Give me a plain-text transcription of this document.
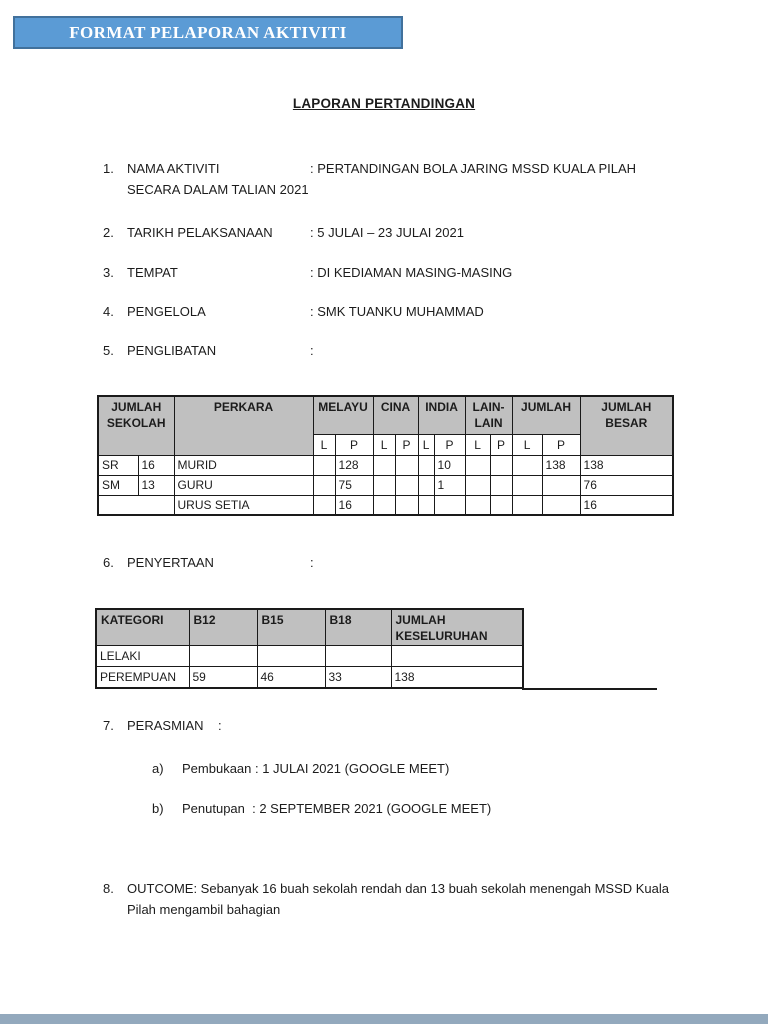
FORMAT PELAPORAN AKTIVITI
LAPORAN PERTANDINGAN
1. NAMA AKTIVITI	: PERTANDINGAN BOLA JARING MSSD KUALA PILAH
SECARA DALAM TALIAN 2021
2. TARIKH PELAKSANAAN	: 5 JULAI – 23 JULAI 2021
3. TEMPAT	: DI KEDIAMAN MASING-MASING
4. PENGELOLA	: SMK TUANKU MUHAMMAD
5. PENGLIBATAN	:
JUMLAH SEKOLAH		PERKARA	MELAYU		CINA		INDIA		LAIN-LAIN		JUMLAH		JUMLAH BESAR
			L	P	L	P	L	P	L	P	L	P	
SR	16	MURID		128				10				138	138
SM	13	GURU		75				1					76
		URUS SETIA		16									16
6. PENYERTAAN	:
KATEGORI	B12	B15	B18	JUMLAH KESELURUHAN
LELAKI				
PEREMPUAN	59	46	33	138
7. PERASMIAN :
a) Pembukaan : 1 JULAI 2021 (GOOGLE MEET)
b) Penutupan  : 2 SEPTEMBER 2021 (GOOGLE MEET)
8. OUTCOME: Sebanyak 16 buah sekolah rendah dan 13 buah sekolah menengah MSSD Kuala
Pilah mengambil bahagian
